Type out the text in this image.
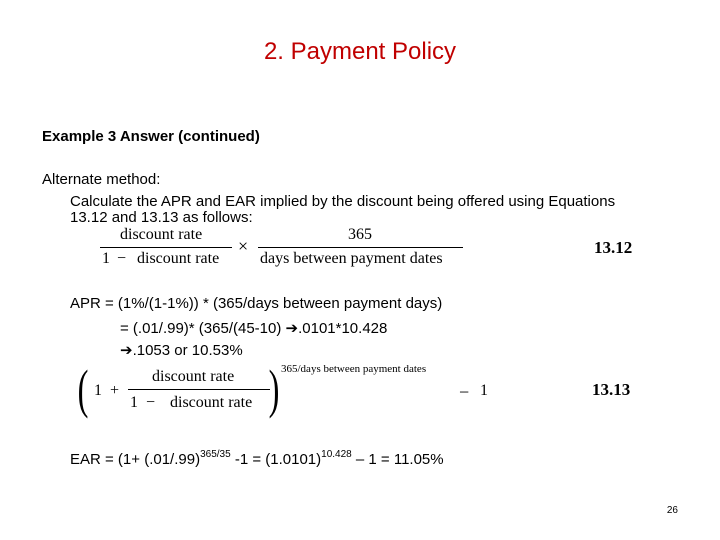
2. Payment Policy
Example 3 Answer (continued)
Alternate method:
Calculate the APR and EAR implied by the discount being offered using Equations
13.12 and 13.13 as follows:
discount rate
1 − discount rate
×
365
days between payment dates
13.12
APR = (1%/(1-1%)) * (365/days between payment days)
= (.01/.99)* (365/(45-10) ➔.0101*10.428
➔.1053 or 10.53%
( 1 +
discount rate
1 − discount rate ) 365/days between payment dates
− 1	13.13
EAR = ($1+ (.01/.99)^{365/35}$ $-1 = (1.0101)^{10.428} - 1 = 11.05\%$
26
